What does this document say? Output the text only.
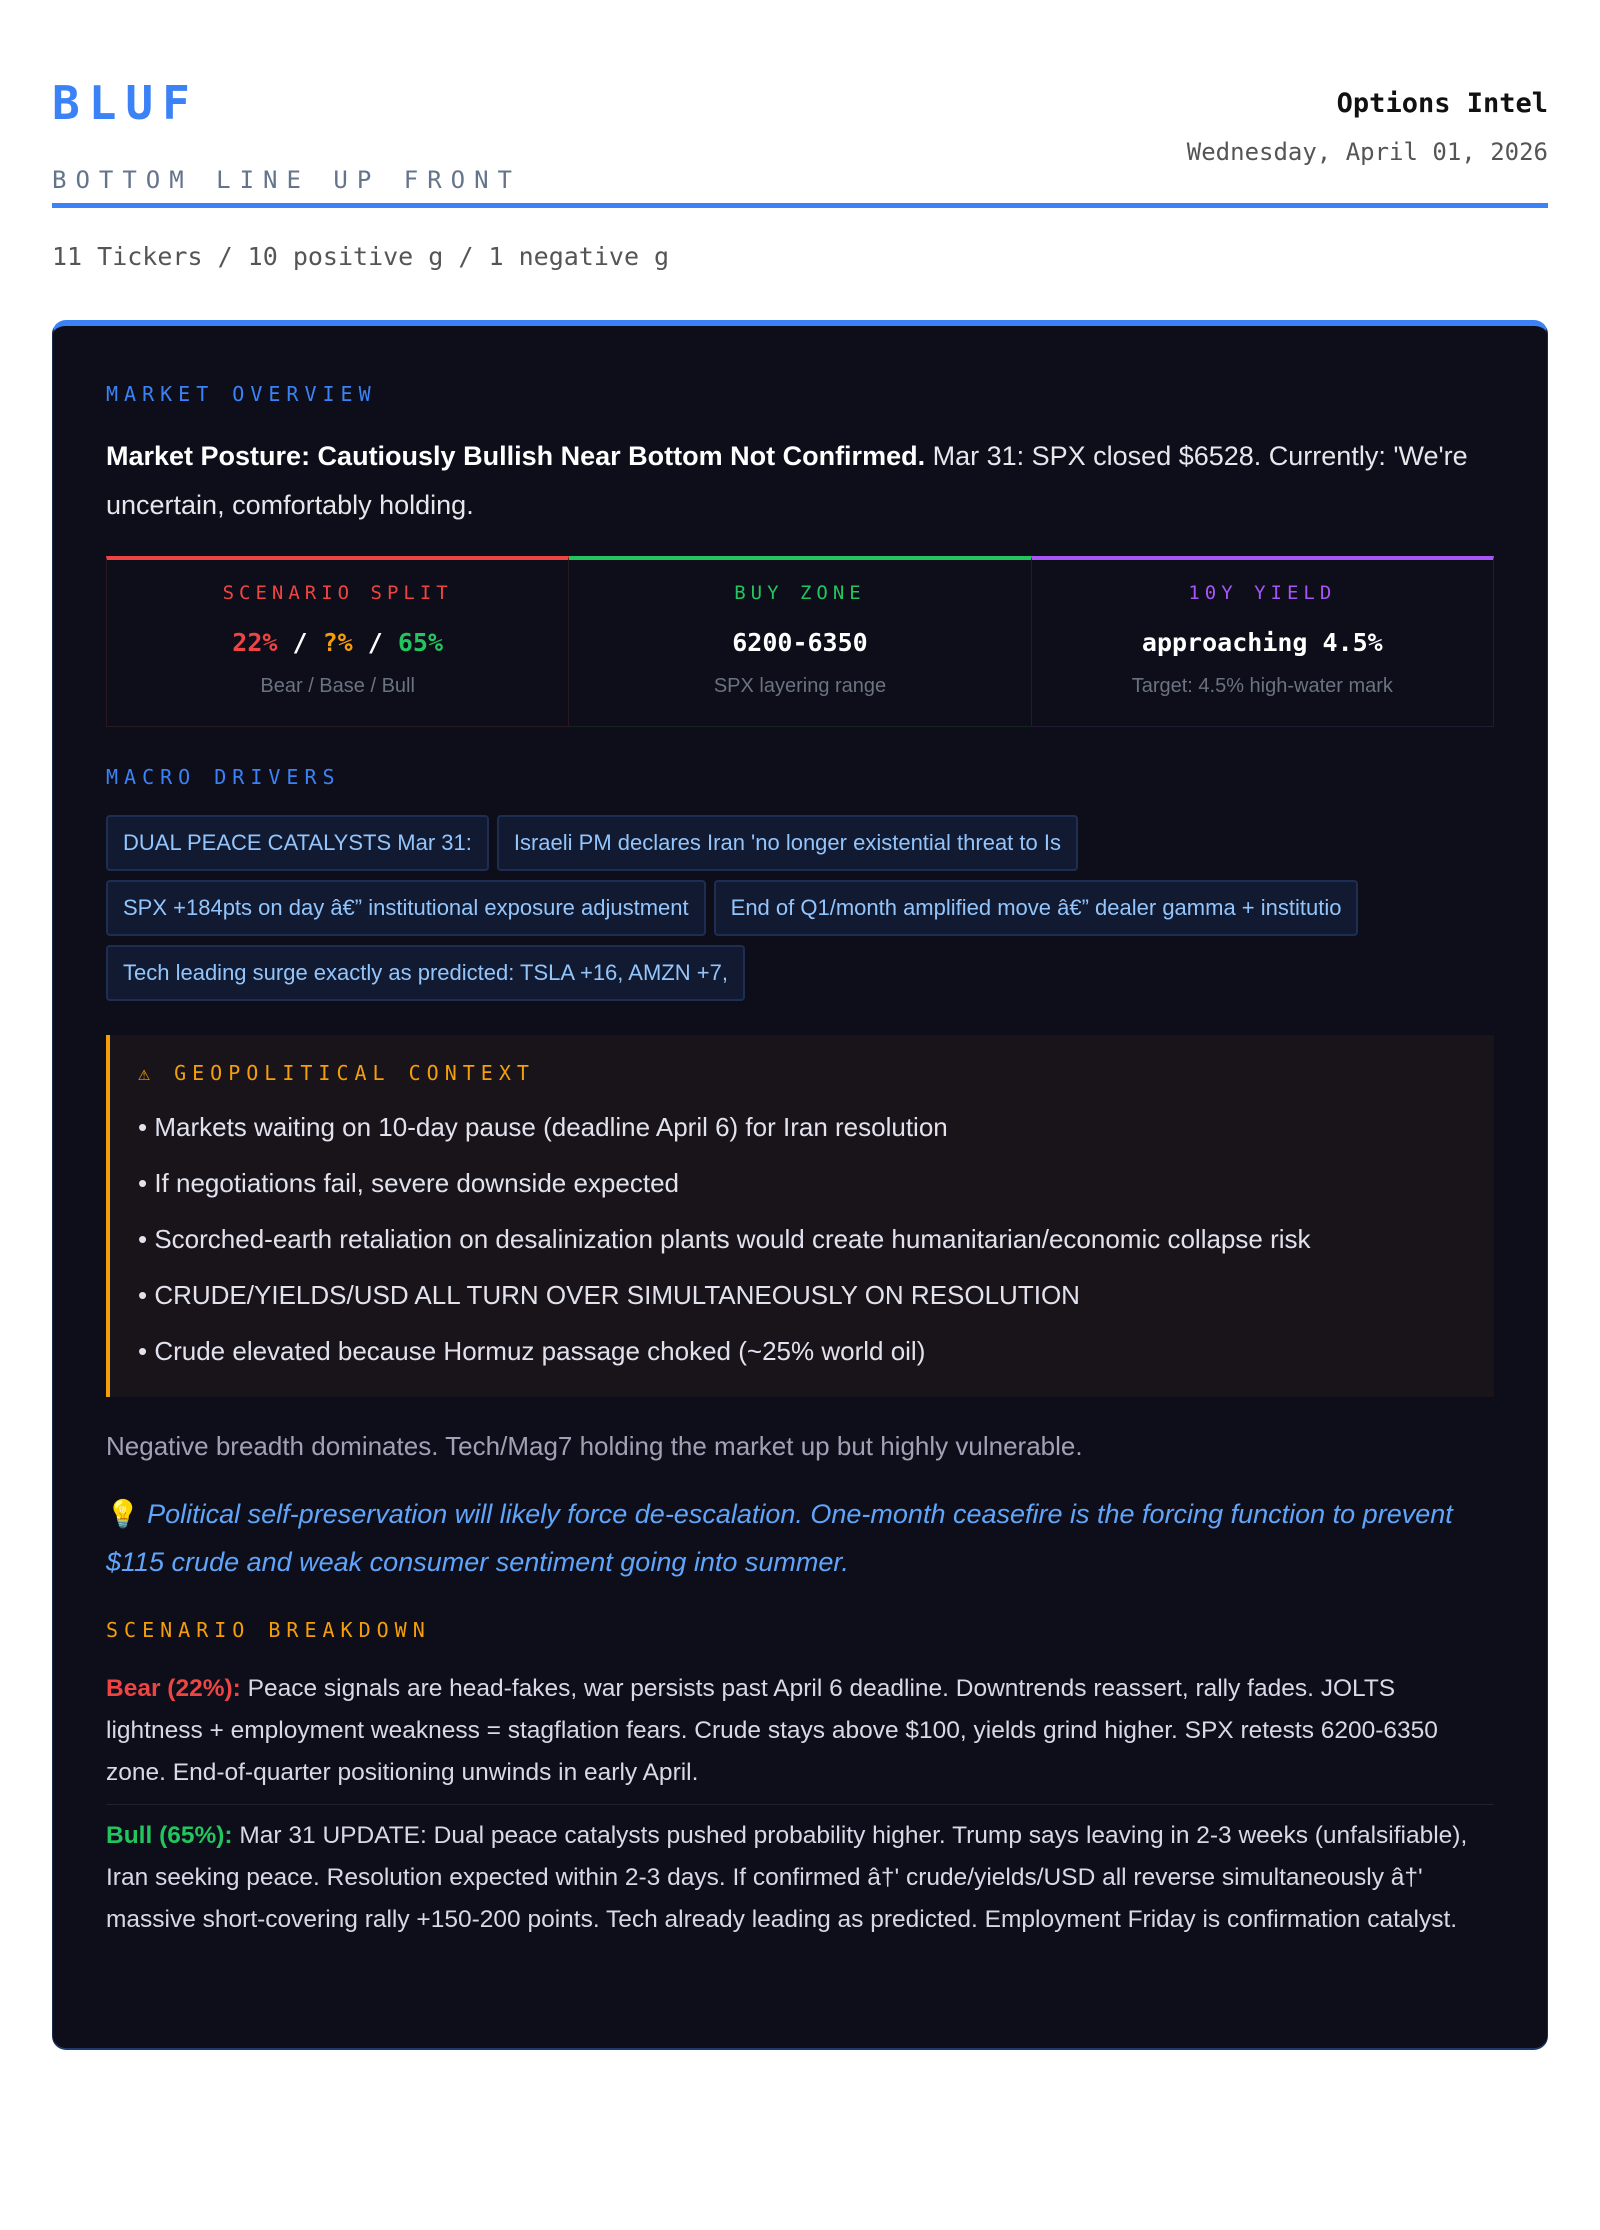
BLUF
BOTTOM LINE UP FRONT
Options Intel
Wednesday, April 01, 2026
11 Tickers / 10 positive g / 1 negative g
MARKET OVERVIEW
Market Posture: Cautiously Bullish Near Bottom Not Confirmed. Mar 31: SPX closed $6528. Currently: 'We're uncertain, comfortably holding.
SCENARIO SPLIT
22% / ?% / 65%
Bear / Base / Bull
BUY ZONE
6200-6350
SPX layering range
10Y YIELD
approaching 4.5%
Target: 4.5% high-water mark
MACRO DRIVERS
DUAL PEACE CATALYSTS Mar 31:	Israeli PM declares Iran 'no longer existential threat to Is
SPX +184pts on day â€” institutional exposure adjustment	End of Q1/month amplified move â€” dealer gamma + institutio
Tech leading surge exactly as predicted: TSLA +16, AMZN +7,
⚠ GEOPOLITICAL CONTEXT
• Markets waiting on 10-day pause (deadline April 6) for Iran resolution
• If negotiations fail, severe downside expected
• Scorched-earth retaliation on desalinization plants would create humanitarian/economic collapse risk
• CRUDE/YIELDS/USD ALL TURN OVER SIMULTANEOUSLY ON RESOLUTION
• Crude elevated because Hormuz passage choked (~25% world oil)
Negative breadth dominates. Tech/Mag7 holding the market up but highly vulnerable.
💡 Political self-preservation will likely force de-escalation. One-month ceasefire is the forcing function to prevent $115 crude and weak consumer sentiment going into summer.
SCENARIO BREAKDOWN
Bear (22%): Peace signals are head-fakes, war persists past April 6 deadline. Downtrends reassert, rally fades. JOLTS lightness + employment weakness = stagflation fears. Crude stays above $100, yields grind higher. SPX retests 6200-6350 zone. End-of-quarter positioning unwinds in early April.
Bull (65%): Mar 31 UPDATE: Dual peace catalysts pushed probability higher. Trump says leaving in 2-3 weeks (unfalsifiable), Iran seeking peace. Resolution expected within 2-3 days. If confirmed â†' crude/yields/USD all reverse simultaneously â†' massive short-covering rally +150-200 points. Tech already leading as predicted. Employment Friday is confirmation catalyst.
